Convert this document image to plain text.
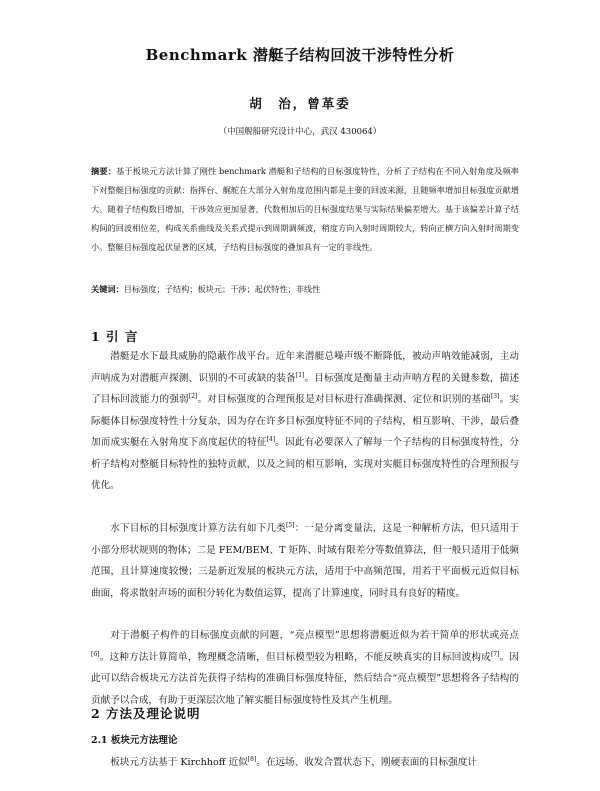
Benchmark 潜艇子结构回波干涉特性分析
胡　治，曾革委
（中国舰船研究设计中心，武汉 430064）
摘要：基于板块元方法计算了刚性 benchmark 潜艇和子结构的目标强度特性，分析了子结构在不同入射角度及频率下对整艇目标强度的贡献：指挥台、艉舵在大部分入射角度范围内都是主要的回波来源，且随频率增加目标强度贡献增大。随着子结构数目增加，干涉效应更加显著，代数相加后的目标强度结果与实际结果偏差增大。基于该偏差计算子结构间的回波相位差，构成关系曲线及关系式提示到周期调频波，稍度方向入射时周期较大，转向正横方向入射时周期变小。整艇目标强度起伏显著的区域，子结构目标强度的叠加具有一定的非线性。
关键词：目标强度；子结构；板块元；干涉；起伏特性；非线性
1 引 言
潜艇是水下最具威胁的隐蔽作战平台。近年来潜艇总噪声级不断降低，被动声呐效能减弱，主动声呐成为对潜艇声探测、识别的不可或缺的装备[1]。目标强度是衡量主动声呐方程的关键参数，描述了目标回波能力的强弱[2]。对目标强度的合理预报是对目标进行准确探测、定位和识别的基础[3]。实际艇体目标强度特性十分复杂，因为存在许多目标强度特征不同的子结构，相互影响、干涉，最后叠加而成实艇在入射角度下高度起伏的特征[4]。因此有必要深入了解每一个子结构的目标强度特性，分析子结构对整艇目标特性的独特贡献，以及之间的相互影响，实现对实艇目标强度特性的合理预报与优化。
水下目标的目标强度计算方法有如下几类[5]：一是分离变量法，这是一种解析方法，但只适用于小部分形状规则的物体；二是 FEM/BEM、T 矩阵、时域有限差分等数值算法，但一般只适用于低频范围，且计算速度较慢；三是新近发展的板块元方法，适用于中高频范围，用若干平面板元近似目标曲面，将求散射声场的面积分转化为数值运算，提高了计算速度，同时具有良好的精度。
对于潜艇子构件的目标强度贡献的问题，“亮点模型”思想将潜艇近似为若干简单的形状或亮点[6]。这种方法计算简单，物理概念清晰，但目标模型较为粗略，不能反映真实的目标回波构成[7]。因此可以结合板块元方法首先获得子结构的准确目标强度特征，然后结合“亮点模型”思想将各子结构的贡献予以合成，有助于更深层次地了解实艇目标强度特性及其产生机理。
2 方法及理论说明
2.1 板块元方法理论
板块元方法基于 Kirchhoff 近似[8]。在远场、收发合置状态下，刚硬表面的目标强度计
